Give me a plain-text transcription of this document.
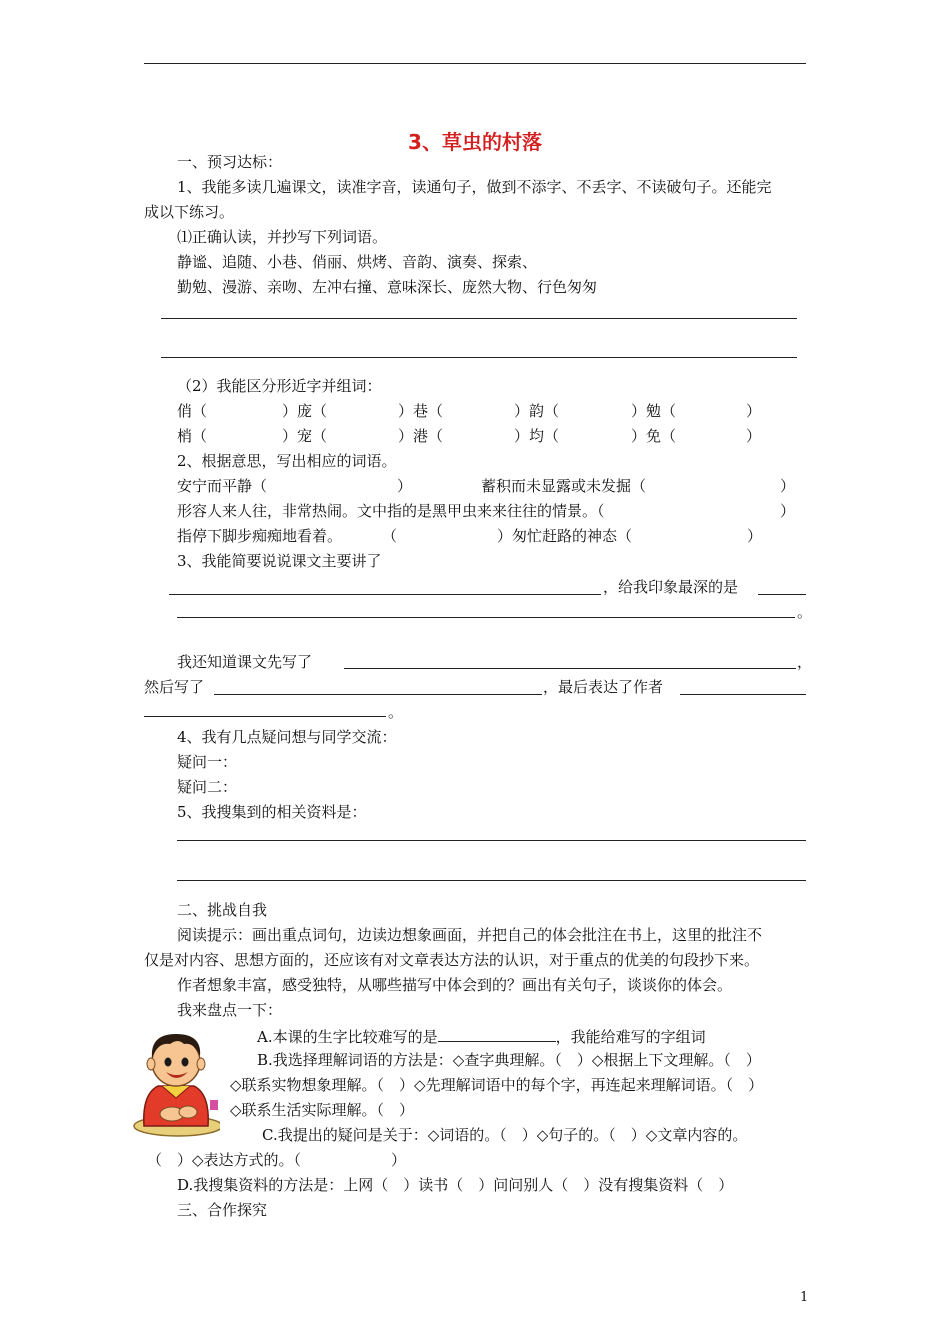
3、草虫的村落
一、预习达标：
1、我能多读几遍课文，读准字音，读通句子，做到不添字、不丢字、不读破句子。还能完
成以下练习。
⑴正确认读，并抄写下列词语。
静谧、追随、小巷、俏丽、烘烤、音韵、演奏、探索、
勤勉、漫游、亲吻、左冲右撞、意味深长、庞然大物、行色匆匆
（2）我能区分形近字并组词：
俏（	）庞（	）巷（	）韵（	）勉（	）
梢（	）宠（	）港（	）均（	）免（	）
2、根据意思，写出相应的词语。
安宁而平静（	）	蓄积而未显露或未发掘（	）
形容人来人往，非常热闹。文中指的是黑甲虫来来往往的情景。（	）
指停下脚步痴痴地看着。	（	）匆忙赶路的神态（	）
3、我能简要说说课文主要讲了
，给我印象最深的是
。
我还知道课文先写了	，
然后写了	，最后表达了作者
。
4、我有几点疑问想与同学交流：
疑问一：
疑问二：
5、我搜集到的相关资料是：
二、挑战自我
阅读提示：画出重点词句，边读边想象画面，并把自己的体会批注在书上，这里的批注不
仅是对内容、思想方面的，还应该有对文章表达方法的认识，对于重点的优美的句段抄下来。
作者想象丰富，感受独特，从哪些描写中体会到的？画出有关句子，谈谈你的体会。
我来盘点一下：
A.本课的生字比较难写的是	，我能给难写的字组词
B.我选择理解词语的方法是：◇查字典理解。（　）◇根据上下文理解。（　）
◇联系实物想象理解。（　）◇先理解词语中的每个字，再连起来理解词语。（　）
◇联系生活实际理解。（　）
C.我提出的疑问是关于：◇词语的。（　）◇句子的。（　）◇文章内容的。
（　）◇表达方式的。（　　　　　　）
D.我搜集资料的方法是：上网（　）读书（　）问问别人（　）没有搜集资料（　）
三、合作探究
1
